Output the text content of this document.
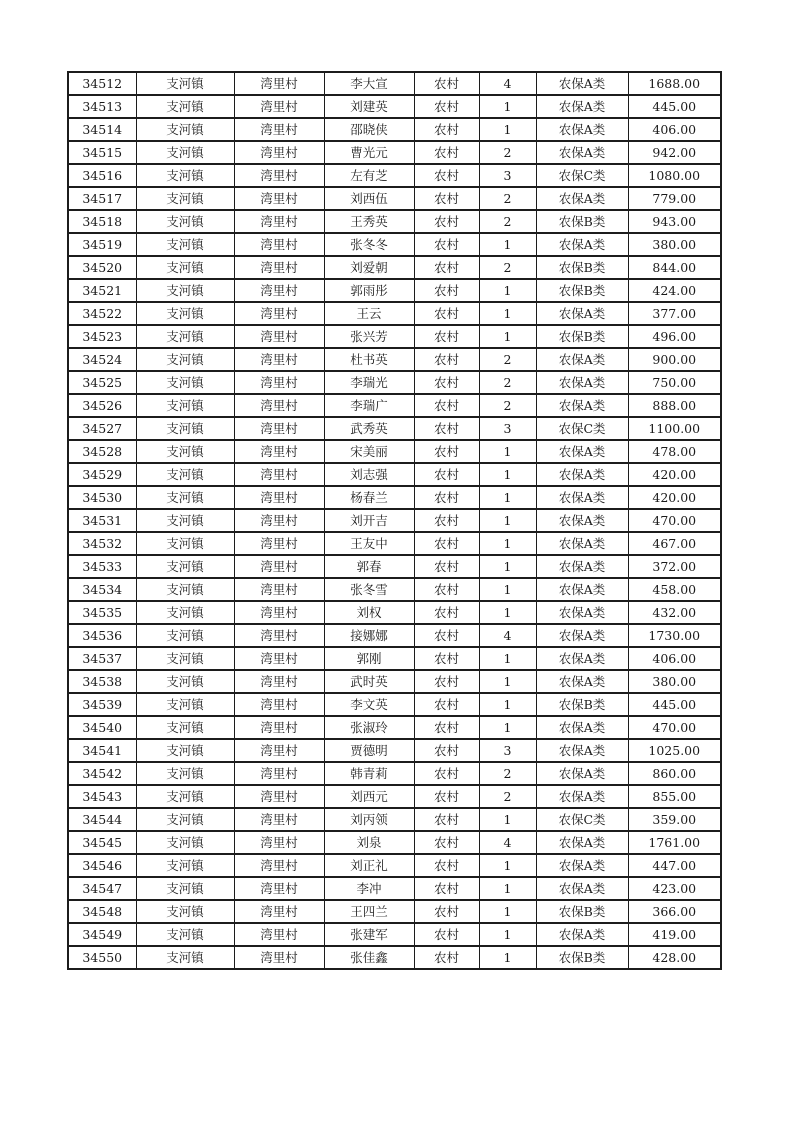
34512	支河镇	湾里村	李大宣	农村	4	农保A类	1688.00
34513	支河镇	湾里村	刘建英	农村	1	农保A类	445.00
34514	支河镇	湾里村	邵晓侠	农村	1	农保A类	406.00
34515	支河镇	湾里村	曹光元	农村	2	农保A类	942.00
34516	支河镇	湾里村	左有芝	农村	3	农保C类	1080.00
34517	支河镇	湾里村	刘西伍	农村	2	农保A类	779.00
34518	支河镇	湾里村	王秀英	农村	2	农保B类	943.00
34519	支河镇	湾里村	张冬冬	农村	1	农保A类	380.00
34520	支河镇	湾里村	刘爱朝	农村	2	农保B类	844.00
34521	支河镇	湾里村	郭雨彤	农村	1	农保B类	424.00
34522	支河镇	湾里村	王云	农村	1	农保A类	377.00
34523	支河镇	湾里村	张兴芳	农村	1	农保B类	496.00
34524	支河镇	湾里村	杜书英	农村	2	农保A类	900.00
34525	支河镇	湾里村	李瑞光	农村	2	农保A类	750.00
34526	支河镇	湾里村	李瑞广	农村	2	农保A类	888.00
34527	支河镇	湾里村	武秀英	农村	3	农保C类	1100.00
34528	支河镇	湾里村	宋美丽	农村	1	农保A类	478.00
34529	支河镇	湾里村	刘志强	农村	1	农保A类	420.00
34530	支河镇	湾里村	杨春兰	农村	1	农保A类	420.00
34531	支河镇	湾里村	刘开吉	农村	1	农保A类	470.00
34532	支河镇	湾里村	王友中	农村	1	农保A类	467.00
34533	支河镇	湾里村	郭春	农村	1	农保A类	372.00
34534	支河镇	湾里村	张冬雪	农村	1	农保A类	458.00
34535	支河镇	湾里村	刘权	农村	1	农保A类	432.00
34536	支河镇	湾里村	接娜娜	农村	4	农保A类	1730.00
34537	支河镇	湾里村	郭刚	农村	1	农保A类	406.00
34538	支河镇	湾里村	武时英	农村	1	农保A类	380.00
34539	支河镇	湾里村	李文英	农村	1	农保B类	445.00
34540	支河镇	湾里村	张淑玲	农村	1	农保A类	470.00
34541	支河镇	湾里村	贾德明	农村	3	农保A类	1025.00
34542	支河镇	湾里村	韩青莉	农村	2	农保A类	860.00
34543	支河镇	湾里村	刘西元	农村	2	农保A类	855.00
34544	支河镇	湾里村	刘丙领	农村	1	农保C类	359.00
34545	支河镇	湾里村	刘泉	农村	4	农保A类	1761.00
34546	支河镇	湾里村	刘正礼	农村	1	农保A类	447.00
34547	支河镇	湾里村	李冲	农村	1	农保A类	423.00
34548	支河镇	湾里村	王四兰	农村	1	农保B类	366.00
34549	支河镇	湾里村	张建军	农村	1	农保A类	419.00
34550	支河镇	湾里村	张佳鑫	农村	1	农保B类	428.00
